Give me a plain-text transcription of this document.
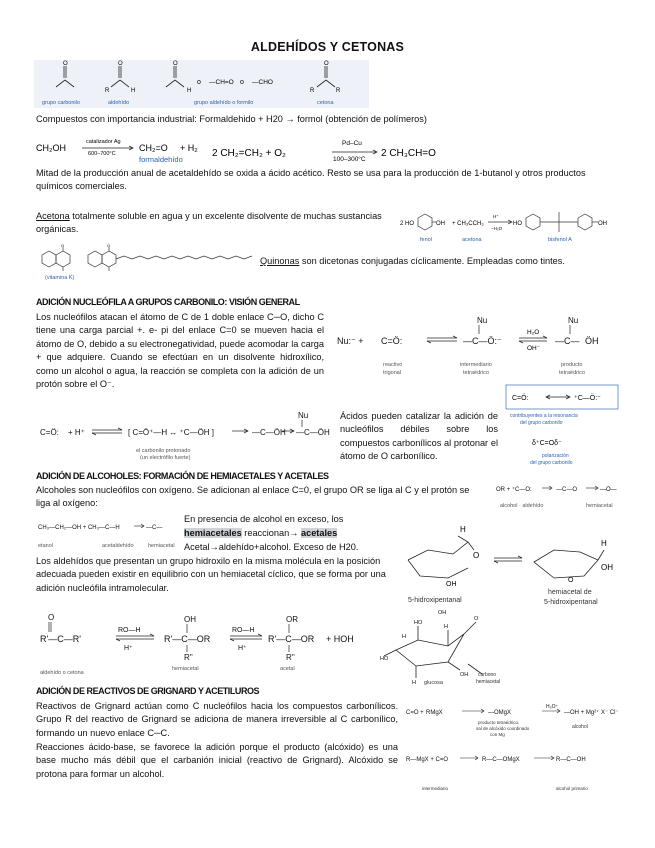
ALDEHÍDOS Y CETONAS
O	O	O	O
R	H	H	R	R
o —CH=O o —CHO
grupo carbonilo	aldehído	grupo aldehído o formilo	cetona
Compuestos con importancia industrial: Formaldehido + H20 → formol (obtención de polímeros)
CH₂OH
catalizador Ag
600–700°C
CH₂=O
formaldehído
+ H₂ 2 CH₂=CH₂ + O₂
Pd–Cu
100–300°C
2 CH₃CH=O
Mitad de la producción anual de acetaldehído se oxida a ácido acético. Resto se usa para la producción de 1-butanol y otros productos químicos comerciales.
Acetona totalmente soluble en agua y un excelente disolvente de muchas sustancias orgánicas.
2 HO	OH + CH₃CCH₃
H⁺
−H₂O
HO	OH
fenol	acetona	bisfenol A
O	O
(vitamina K)
Quinonas son dicetonas conjugadas cíclicamente. Empleadas como tintes.
ADICIÓN NUCLEÓFILA A GRUPOS CARBONILO: VISIÓN GENERAL
Los nucleófilos atacan el átomo de C de 1 doble enlace C─O, dicho C tiene una carga parcial +. e- pi del enlace C=0 se mueven hacia el átomo de O, debido a su electronegatividad, puede acomodar la carga + que adquiere. Cuando se efectúan en un disolvente hidroxílico, como un alcohol o agua, la reacción se completa con la adición de un protón sobre el O⁻.
Nu:⁻ + C=Ö:
Nu
—C—Ö:⁻
Nu
—C— ÖH
H₂O
OH⁻
reactivo
trigonal
intermediario
tetraédrico
producto
tetraédrico
C=Ö:	⁺C—Ö:⁻
contribuyentes a la resonancia
del grupo carbonilo
δ⁺C=Oδ⁻
polarización
del grupo carbonilo
C=Ö: + H⁺	[ C=Ö⁺—H ↔ ⁺C—ÖH ]	—C—ÖH
Nu
—C—ÖH
el carbonilo protonado
(un electrófilo fuerte)
Ácidos pueden catalizar la adición de nucleófilos débiles sobre los compuestos carbonílicos al protonar el átomo de O carbonílico.
ADICIÓN DE ALCOHOLES: FORMACIÓN DE HEMIACETALES Y ACETALES
Alcoholes son nucleófilos con oxígeno. Se adicionan al enlace C=0, el grupo OR se liga al C y el protón se liga al oxígeno:
OR + ⁺C—O:	—C—O	—O—
alcohol · aldehído	hemiacetal
CH₃—CH₂—OH + CH₃—C—H	—C—
etanol	acetaldehído	hemiacetal
En presencia de alcohol en exceso, los
hemiacetales reaccionan→ acetales
Acetal→aldehído+alcohol. Exceso de H20.
Los aldehídos que presentan un grupo hidroxilo en la misma molécula en la posición adecuada pueden existir en equilibrio con un hemiacetal cíclico, que se forma por una adición nucleófila intramolecular.
H
O
OH
H
OH
O
5-hidroxipentanal
hemiacetal de
5-hidroxipentanal
O
R'—C—R'
RO—H
H⁺
OH
R'—C—OR
R''
RO—H
H⁺
OR
R'—C—OR
R''
+ HOH
aldehído o cetona
hemiacetal	acetal
HO
H
O
HO
H
OH
OH
H
glucosa
carbono
hemiacetal
ADICIÓN DE REACTIVOS DE GRIGNARD Y ACETILUROS
Reactivos de Grignard actúan como C nucleófilos hacia los compuestos carbonílicos. Grupo R del reactivo de Grignard se adiciona de manera irreversible al C carbonílico, formando un nuevo enlace C─C.
Reacciones ácido-base, se favorece la adición porque el producto (alcóxido) es una base mucho más débil que el carbanión inicial (reactivo de Grignard). Alcóxido se protona para formar un alcohol.
C=O + RMgX	—OMgX
H₃O⁺
—OH + Mg²⁺ X⁻ Cl⁻
producto tetraédrico,
sal de alcóxido coordinado
con Mg
alcohol
R—MgX + C=O	R—C—OMgX	R—C—OH
intermediario	alcohol primario
